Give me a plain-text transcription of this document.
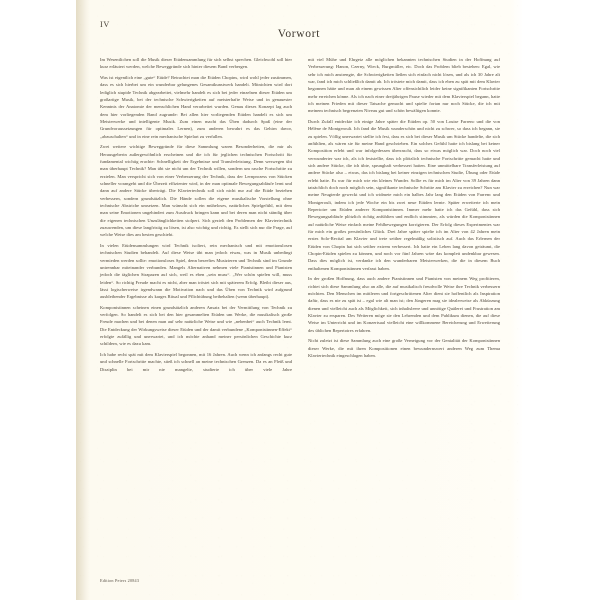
IV
Vorwort

Im Wesentlichen soll die Musik dieser Etüdensammlung für sich selbst sprechen. Gleichwohl soll hier kurz erläutert werden, welche Beweggründe sich hinter diesem Band verbergen.

Was ist eigentlich eine „gute“ Etüde? Betrachtet man die Etüden Chopins, wird wohl jeder zustimmen, dass es sich hierbei um ein wunderbar gelungenes Gesamtkunstwerk handelt. Mitnichten wird dort lediglich stupide Technik abgearbeitet, vielmehr handelt es sich bei jeder einzelnen dieser Etüden um großartige Musik, bei der technische Schwierigkeiten auf meisterhafte Weise und in genauester Kenntnis der Anatomie der menschlichen Hand verarbeitet wurden. Genau dieses Konzept lag auch dem hier vorliegenden Band zugrunde: Bei allen hier vorliegenden Etüden handelt es sich um Meisterwerke und intelligente Musik. Zum einen macht das Üben dadurch Spaß (eine der Grundvoraussetzungen für optimales Lernen), zum anderen bewahrt es das Gehirn davor, „abzuschalten“ und in eine rein mechanische Spielart zu verfallen.

Zwei weitere wichtige Beweggründe für diese Sammlung waren Besonderheiten, die mir als Herausgeberin außergewöhnlich erscheinen und die ich für jeglichen technischen Fortschritt für fundamental wichtig erachte: Schnelligkeit der Ergebnisse und Transferleistung. Denn weswegen übt man überhaupt Technik? Man übt sie nicht um der Technik willen, sondern um rasche Fortschritte zu erzielen. Man verspricht sich von einer Verbesserung der Technik, dass der Lernprozess von Stücken schneller vorangeht und die Übezeit effizienter wird, in der man optimale Bewegungsabläufe lernt und dann auf andere Stücke überträgt. Die Klaviertechnik soll sich nicht nur auf die Etüde beziehen verbessern, sondern grundsätzlich. Die Hände sollen die eigene musikalische Vorstellung ohne technische Abstriche umsetzen. Man wünscht sich ein müheloses, natürliches Spielgefühl, mit dem man seine Emotionen ungehindert zum Ausdruck bringen kann und bei deren man nicht ständig über die eigenen technischen Unzulänglichkeiten stolpert. Sich gezielt den Problemen der Klaviertechnik zuzuwenden, um diese langfristig zu lösen, ist also wichtig und richtig. Es stellt sich nur die Frage, auf welche Weise dies am besten geschieht.

In vielen Etüdensammlungen wird Technik isoliert, rein mechanisch und mit emotionslosen technischen Studien behandelt. Auf diese Weise übt man jedoch etwas, was in Musik unbedingt vermieden werden sollte: emotionsloses Spiel, denn beseeltes Musizieren und Technik sind im Grunde untrennbar miteinander verbunden. Mangels Alternativen nehmen viele Pianistinnen und Pianisten jedoch die täglichen Strapazen auf sich, weil es eben „sein muss“. „Wer schön spielen will, muss leiden“. So richtig Freude macht es nicht, aber man tröstet sich mit späterem Erfolg. Bleibt dieser aus, lässt logischerweise irgendwann die Motivation nach und das Üben von Technik wird aufgrund ausbleibender Ergebnisse als karges Ritual und Pflichtübung beibehalten (wenn überhaupt).

Komponistinnen scheinen einen grundsätzlich anderen Ansatz bei der Vermittlung von Technik zu verfolgen. So handelt es sich bei den hier gesammelten Etüden um Werke, die musikalisch große Freude machen und bei denen man auf sehr natürliche Weise und wie „nebenbei“ auch Technik lernt. Die Entdeckung der Wirkungsweise dieser Etüden und der damit verbundene „Komponistinnen-Effekt“ erfolgte zufällig und unerwartet, und ich möchte anhand meiner persönlichen Geschichte kurz schildern, wie es dazu kam.

Ich habe recht spät mit dem Klavierspiel begonnen, mit 16 Jahren. Auch wenn ich anfangs recht gute und schnelle Fortschritte machte, stieß ich schnell an meine technischen Grenzen. Da es an Fleiß und Disziplin bei mir nie mangelte, studierte ich über viele Jahre

mit viel Mühe und Ehrgeiz alle möglichen bekannten technischen Studien in der Hoffnung auf Verbesserung: Hanon, Czerny, Wieck, Burgmüller, etc. Doch das Problem blieb bestehen: Egal, wie sehr ich mich anstrengte, die Schwierigkeiten ließen sich einfach nicht lösen, und als ich 30 Jahre alt war, fand ich mich schließlich damit ab. Ich tröstete mich damit, dass ich eben zu spät mit dem Klavier begonnen hätte und man ab einem gewissen Alter offensichtlich leider keine signifikanten Fortschritte mehr erreichen könne. Als ich nach einer dreijährigen Pause wieder mit dem Klavierspiel begann, hatte ich meinen Frieden mit dieser Tatsache gemacht und spielte fortan nur noch Stücke, die ich mit meinem technisch begrenzten Niveau gut und schön bewältigen konnte.

Durch Zufall entdeckte ich einige Jahre später die Etüden op. 50 von Louise Farrenc und die von Hélène de Montgeroult. Ich fand die Musik wunderschön und nicht zu schwer, so dass ich begann, sie zu spielen. Völlig unerwartet stellte ich fest, dass es sich bei dieser Musik um Stücke handelte, die sich anfühlten, als wären sie für meine Hand geschrieben. Ein solches Gefühl hatte ich bislang bei keiner Komposition erlebt und war infolgedessen überrascht, dass so etwas möglich war. Doch noch viel verwunderter war ich, als ich feststellte, dass ich plötzlich technische Fortschritte gemacht hatte und sich andere Stücke, die ich übte, sprunghaft verbessert hatten. Eine unmittelbare Transferleistung auf andere Stücke also – etwas, das ich bislang bei keiner einzigen technischen Studie, Übung oder Etüde erlebt hatte. Es war für mich wie ein kleines Wunder. Sollte es für mich im Alter von 39 Jahren dann tatsächlich doch noch möglich sein, signifikante technische Schritte am Klavier zu erreichen? Nun war meine Neugierde geweckt und ich widmete mich ein halbes Jahr lang den Etüden von Farrenc und Montgeroult, indem ich jede Woche ein bis zwei neue Etüden lernte. Später erweiterte ich mein Repertoire um Etüden anderer Komponistinnen. Immer mehr hatte ich das Gefühl, dass sich Bewegungsabläufe plötzlich richtig anfühlten und endlich stimmten, als würden die Komponistinnen auf natürliche Weise einfach meine Fehlbewegungen korrigieren. Der Erfolg dieses Experimentes war für mich ein großes persönliches Glück. Drei Jahre später spielte ich im Alter von 42 Jahren mein erstes Solo-Recital am Klavier und trete seither regelmäßig solistisch auf. Auch das Erlernen der Etüden von Chopin hat sich seither extrem verbessert. Ich hatte ein Leben lang davon geträumt, die Chopin-Etüden spielen zu können, und noch vor fünf Jahren wäre das komplett undenkbar gewesen. Dass dies möglich ist, verdanke ich den wunderbaren Meisterwerken, die die in diesem Buch enthaltenen Komponistinnen verfasst haben.

In der großen Hoffnung, dass auch andere Pianistinnen und Pianisten von meinem Weg profitieren, richtet sich diese Sammlung also an alle, die auf musikalisch freudvolle Weise ihre Technik verbessern möchten. Den Menschen im mittleren und fortgeschrittenen Alter dient sie hoffentlich als Inspiration dafür, dass es nie zu spät ist – egal wie alt man ist; den Jüngeren mag sie idealerweise als Abkürzung dienen und vielleicht auch als Möglichkeit, sich inhaltsleere und unnötige Quälerei und Frustration am Klavier zu ersparen. Des Weiteren möge sie den Lehrenden und dem Publikum dienen, die auf diese Weise im Unterricht und im Konzertsaal vielleicht eine willkommene Bereicherung und Erweiterung des üblichen Repertoires erfahren.

Nicht zuletzt ist diese Sammlung auch eine große Verneigung vor der Genialität der Komponistinnen dieser Werke, die mit ihren Kompositionen einen bewundernswert anderen Weg zum Thema Klaviertechnik eingeschlagen haben.

Edition Peters 20843
